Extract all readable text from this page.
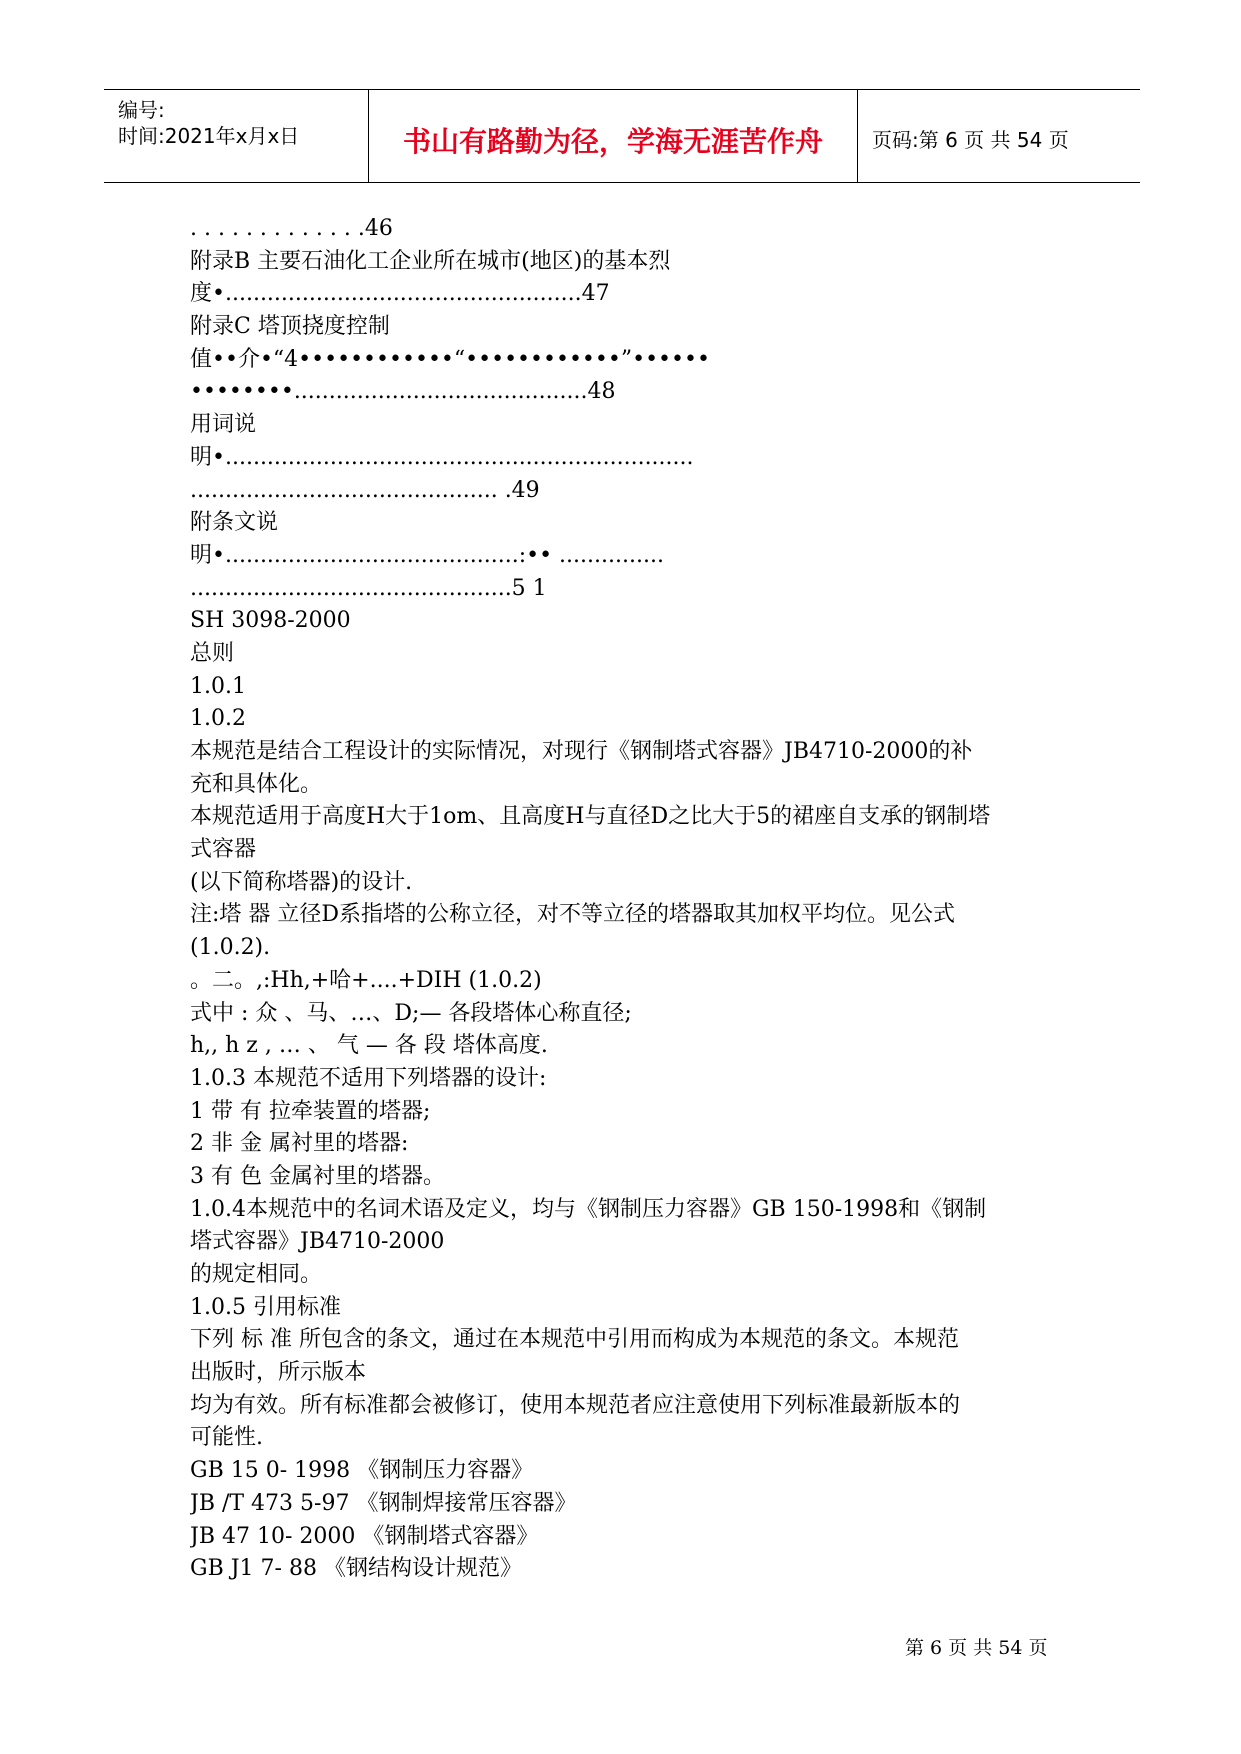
编号:
时间:2021年x月x日	书山有路勤为径，学海无涯苦作舟	页码:第 6 页 共 54 页
. . . . . . . . . . . . .46
附录B 主要石油化工企业所在城市(地区)的基本烈
度•...................................................47
附录C 塔顶挠度控制
值••介•“4••••••••••••“••••••••••••”••••••
••••••••..........................................48
用词说
明•...................................................................
............................................ .49
附条文说
明•..........................................:•• ...............
..............................................5 1
SH 3098-2000
总则
1.0.1
1.0.2
本规范是结合工程设计的实际情况，对现行《钢制塔式容器》JB4710-2000的补
充和具体化。
本规范适用于高度H大于1om、且高度H与直径D之比大于5的裙座自支承的钢制塔
式容器
(以下简称塔器)的设计.
注:塔 器 立径D系指塔的公称立径，对不等立径的塔器取其加权平均位。见公式
(1.0.2).
。二。,:Hh,+哈+....+DIH (1.0.2)
式中 : 众 、马、…、D;— 各段塔体心称直径;
h,, h z , … 、 气 — 各 段 塔体高度.
1.0.3 本规范不适用下列塔器的设计:
1 带 有 拉牵装置的塔器;
2 非 金 属衬里的塔器:
3 有 色 金属衬里的塔器。
1.0.4本规范中的名词术语及定义，均与《钢制压力容器》GB 150-1998和《钢制
塔式容器》JB4710-2000
的规定相同。
1.0.5 引用标准
下列 标 准 所包含的条文，通过在本规范中引用而构成为本规范的条文。本规范
出版时，所示版本
均为有效。所有标准都会被修订，使用本规范者应注意使用下列标准最新版本的
可能性.
GB 15 0- 1998 《钢制压力容器》
JB /T 473 5-97 《钢制焊接常压容器》
JB 47 10- 2000 《钢制塔式容器》
GB J1 7- 88 《钢结构设计规范》
第 6 页 共 54 页
